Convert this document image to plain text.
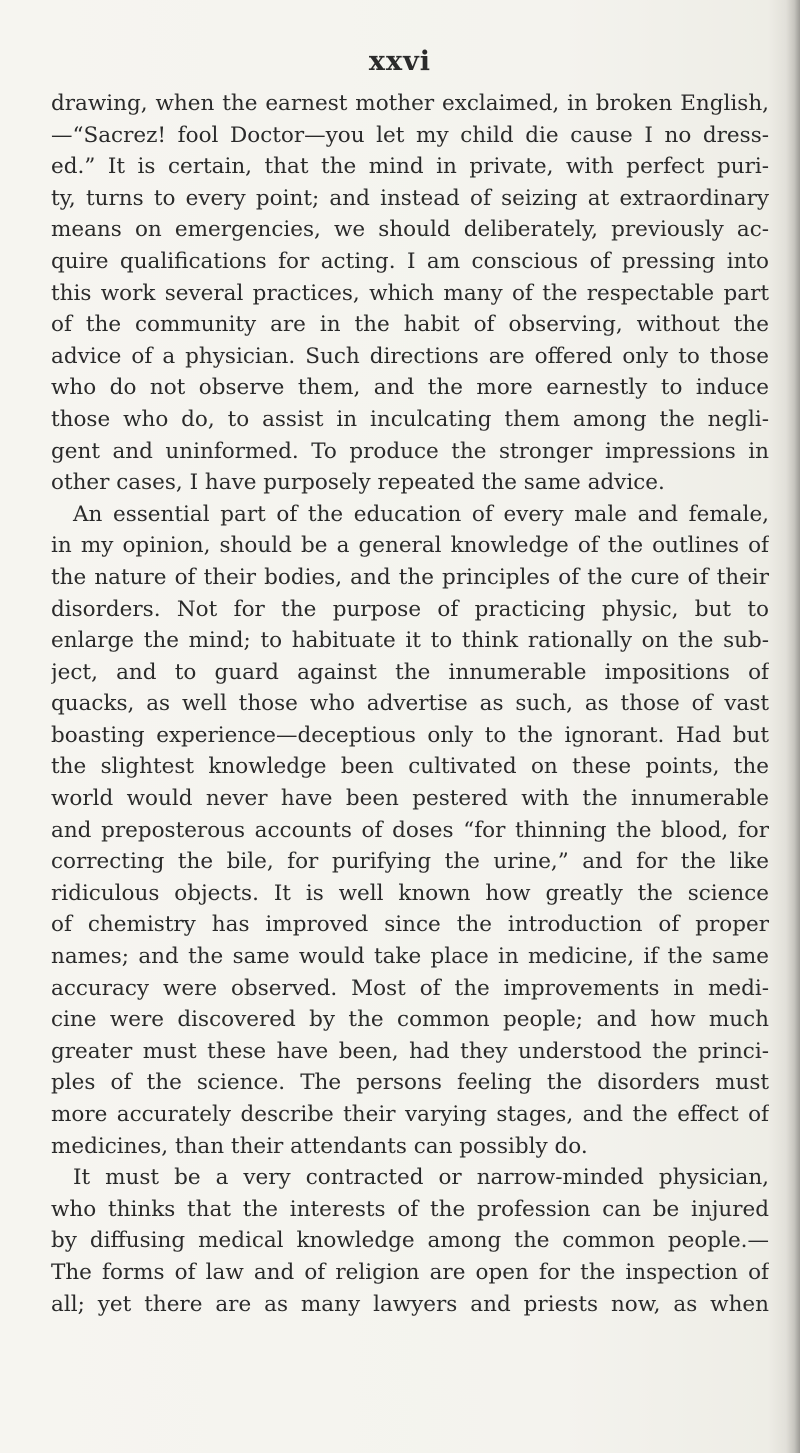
xxvi
drawing, when the earnest mother exclaimed, in broken English,
—“Sacrez! fool Doctor—you let my child die cause I no dress-
ed.” It is certain, that the mind in private, with perfect puri-
ty, turns to every point; and instead of seizing at extraordinary
means on emergencies, we should deliberately, previously ac-
quire qualifications for acting. I am conscious of pressing into
this work several practices, which many of the respectable part
of the community are in the habit of observing, without the
advice of a physician. Such directions are offered only to those
who do not observe them, and the more earnestly to induce
those who do, to assist in inculcating them among the negli-
gent and uninformed. To produce the stronger impressions in
other cases, I have purposely repeated the same advice.
An essential part of the education of every male and female,
in my opinion, should be a general knowledge of the outlines of
the nature of their bodies, and the principles of the cure of their
disorders. Not for the purpose of practicing physic, but to
enlarge the mind; to habituate it to think rationally on the sub-
ject, and to guard against the innumerable impositions of
quacks, as well those who advertise as such, as those of vast
boasting experience—deceptious only to the ignorant. Had but
the slightest knowledge been cultivated on these points, the
world would never have been pestered with the innumerable
and preposterous accounts of doses “for thinning the blood, for
correcting the bile, for purifying the urine,” and for the like
ridiculous objects. It is well known how greatly the science
of chemistry has improved since the introduction of proper
names; and the same would take place in medicine, if the same
accuracy were observed. Most of the improvements in medi-
cine were discovered by the common people; and how much
greater must these have been, had they understood the princi-
ples of the science. The persons feeling the disorders must
more accurately describe their varying stages, and the effect of
medicines, than their attendants can possibly do.
It must be a very contracted or narrow-minded physician,
who thinks that the interests of the profession can be injured
by diffusing medical knowledge among the common people.—
The forms of law and of religion are open for the inspection of
all; yet there are as many lawyers and priests now, as when
